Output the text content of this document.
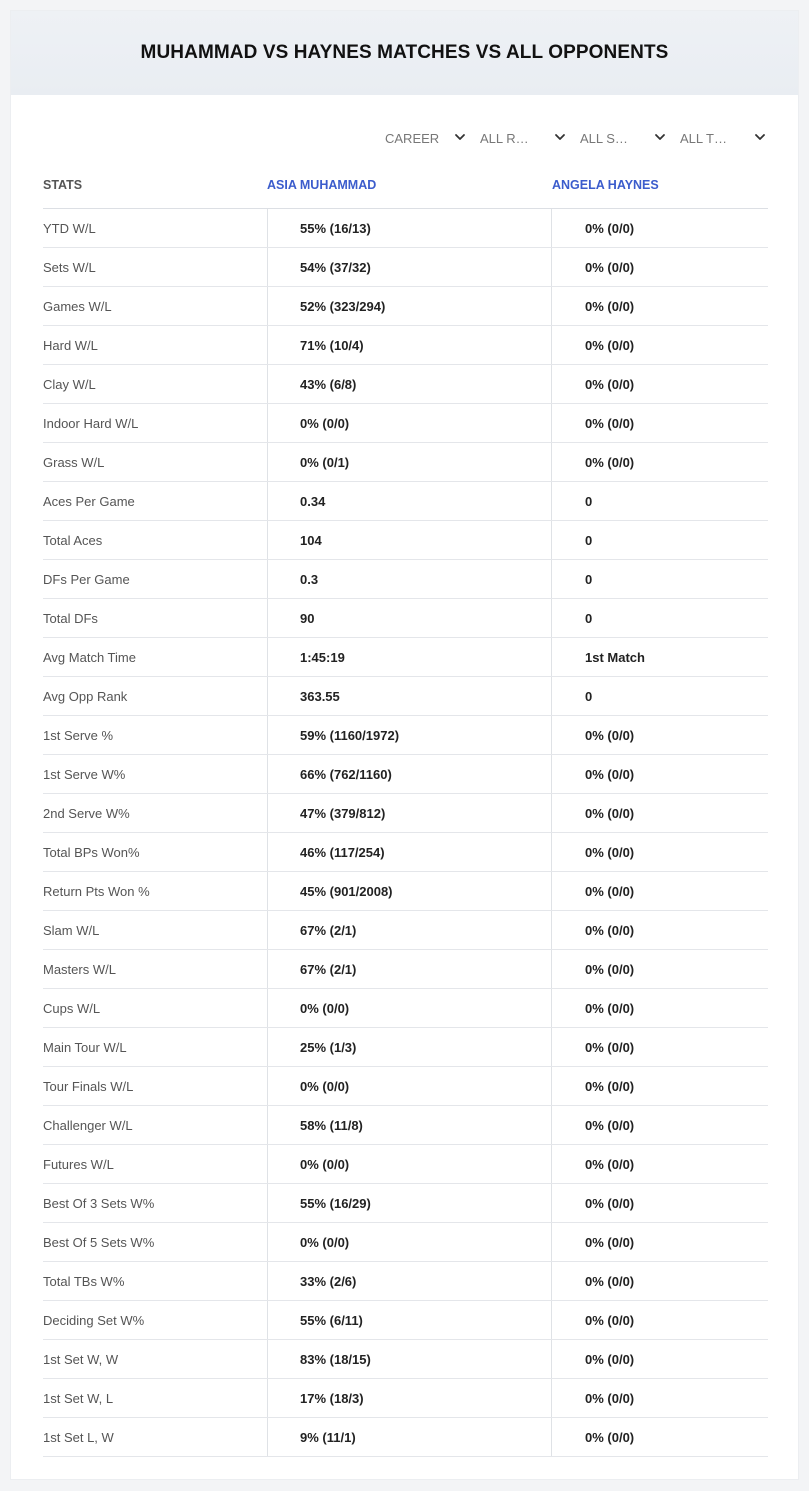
MUHAMMAD VS HAYNES MATCHES VS ALL OPPONENTS
CAREER	ALL R…	ALL S…	ALL T…
STATS	ASIA MUHAMMAD	ANGELA HAYNES
YTD W/L	55% (16/13)	0% (0/0)
Sets W/L	54% (37/32)	0% (0/0)
Games W/L	52% (323/294)	0% (0/0)
Hard W/L	71% (10/4)	0% (0/0)
Clay W/L	43% (6/8)	0% (0/0)
Indoor Hard W/L	0% (0/0)	0% (0/0)
Grass W/L	0% (0/1)	0% (0/0)
Aces Per Game	0.34	0
Total Aces	104	0
DFs Per Game	0.3	0
Total DFs	90	0
Avg Match Time	1:45:19	1st Match
Avg Opp Rank	363.55	0
1st Serve %	59% (1160/1972)	0% (0/0)
1st Serve W%	66% (762/1160)	0% (0/0)
2nd Serve W%	47% (379/812)	0% (0/0)
Total BPs Won%	46% (117/254)	0% (0/0)
Return Pts Won %	45% (901/2008)	0% (0/0)
Slam W/L	67% (2/1)	0% (0/0)
Masters W/L	67% (2/1)	0% (0/0)
Cups W/L	0% (0/0)	0% (0/0)
Main Tour W/L	25% (1/3)	0% (0/0)
Tour Finals W/L	0% (0/0)	0% (0/0)
Challenger W/L	58% (11/8)	0% (0/0)
Futures W/L	0% (0/0)	0% (0/0)
Best Of 3 Sets W%	55% (16/29)	0% (0/0)
Best Of 5 Sets W%	0% (0/0)	0% (0/0)
Total TBs W%	33% (2/6)	0% (0/0)
Deciding Set W%	55% (6/11)	0% (0/0)
1st Set W, W	83% (18/15)	0% (0/0)
1st Set W, L	17% (18/3)	0% (0/0)
1st Set L, W	9% (11/1)	0% (0/0)
